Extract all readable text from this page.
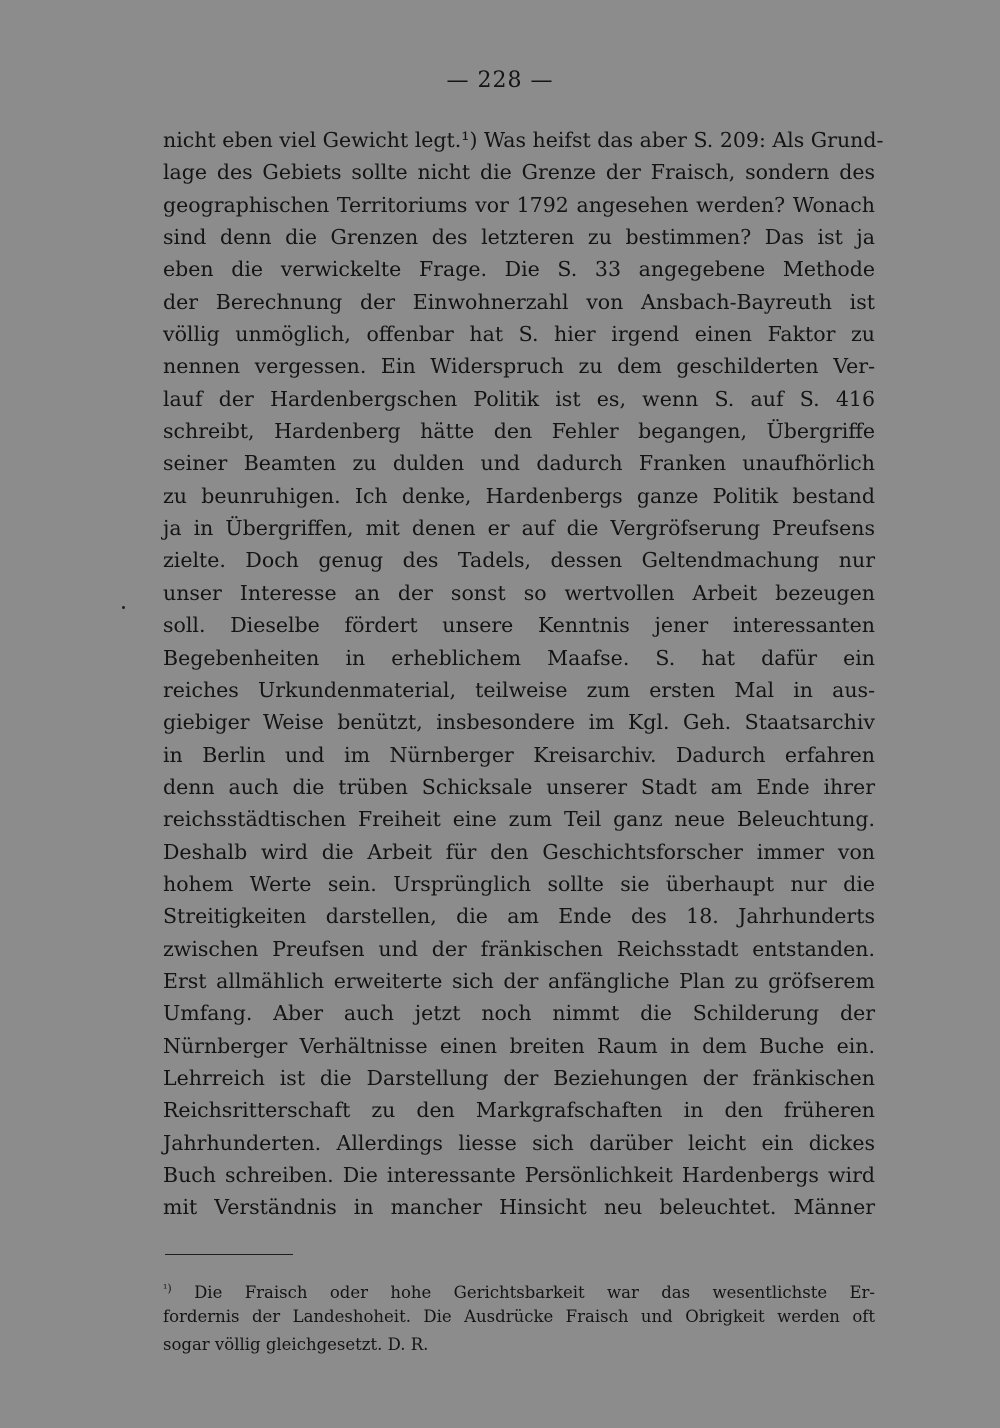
— 228 —
nicht eben viel Gewicht legt.¹) Was heifst das aber S. 209: Als Grund-
lage des Gebiets sollte nicht die Grenze der Fraisch, sondern des
geographischen Territoriums vor 1792 angesehen werden? Wonach
sind denn die Grenzen des letzteren zu bestimmen? Das ist ja
eben die verwickelte Frage. Die S. 33 angegebene Methode
der Berechnung der Einwohnerzahl von Ansbach-Bayreuth ist
völlig unmöglich, offenbar hat S. hier irgend einen Faktor zu
nennen vergessen. Ein Widerspruch zu dem geschilderten Ver-
lauf der Hardenbergschen Politik ist es, wenn S. auf S. 416
schreibt, Hardenberg hätte den Fehler begangen, Übergriffe
seiner Beamten zu dulden und dadurch Franken unaufhörlich
zu beunruhigen. Ich denke, Hardenbergs ganze Politik bestand
ja in Übergriffen, mit denen er auf die Vergröfserung Preufsens
zielte. Doch genug des Tadels, dessen Geltendmachung nur
unser Interesse an der sonst so wertvollen Arbeit bezeugen
soll. Dieselbe fördert unsere Kenntnis jener interessanten
Begebenheiten in erheblichem Maafse. S. hat dafür ein
reiches Urkundenmaterial, teilweise zum ersten Mal in aus-
giebiger Weise benützt, insbesondere im Kgl. Geh. Staatsarchiv
in Berlin und im Nürnberger Kreisarchiv. Dadurch erfahren
denn auch die trüben Schicksale unserer Stadt am Ende ihrer
reichsstädtischen Freiheit eine zum Teil ganz neue Beleuchtung.
Deshalb wird die Arbeit für den Geschichtsforscher immer von
hohem Werte sein. Ursprünglich sollte sie überhaupt nur die
Streitigkeiten darstellen, die am Ende des 18. Jahrhunderts
zwischen Preufsen und der fränkischen Reichsstadt entstanden.
Erst allmählich erweiterte sich der anfängliche Plan zu gröfserem
Umfang. Aber auch jetzt noch nimmt die Schilderung der
Nürnberger Verhältnisse einen breiten Raum in dem Buche ein.
Lehrreich ist die Darstellung der Beziehungen der fränkischen
Reichsritterschaft zu den Markgrafschaften in den früheren
Jahrhunderten. Allerdings liesse sich darüber leicht ein dickes
Buch schreiben. Die interessante Persönlichkeit Hardenbergs wird
mit Verständnis in mancher Hinsicht neu beleuchtet. Männer
$^{^1)}$ Die Fraisch oder hohe Gerichtsbarkeit war das wesentlichste Er-
fordernis der Landeshoheit. Die Ausdrücke Fraisch und Obrigkeit werden oft
sogar völlig gleichgesetzt. D. R.
